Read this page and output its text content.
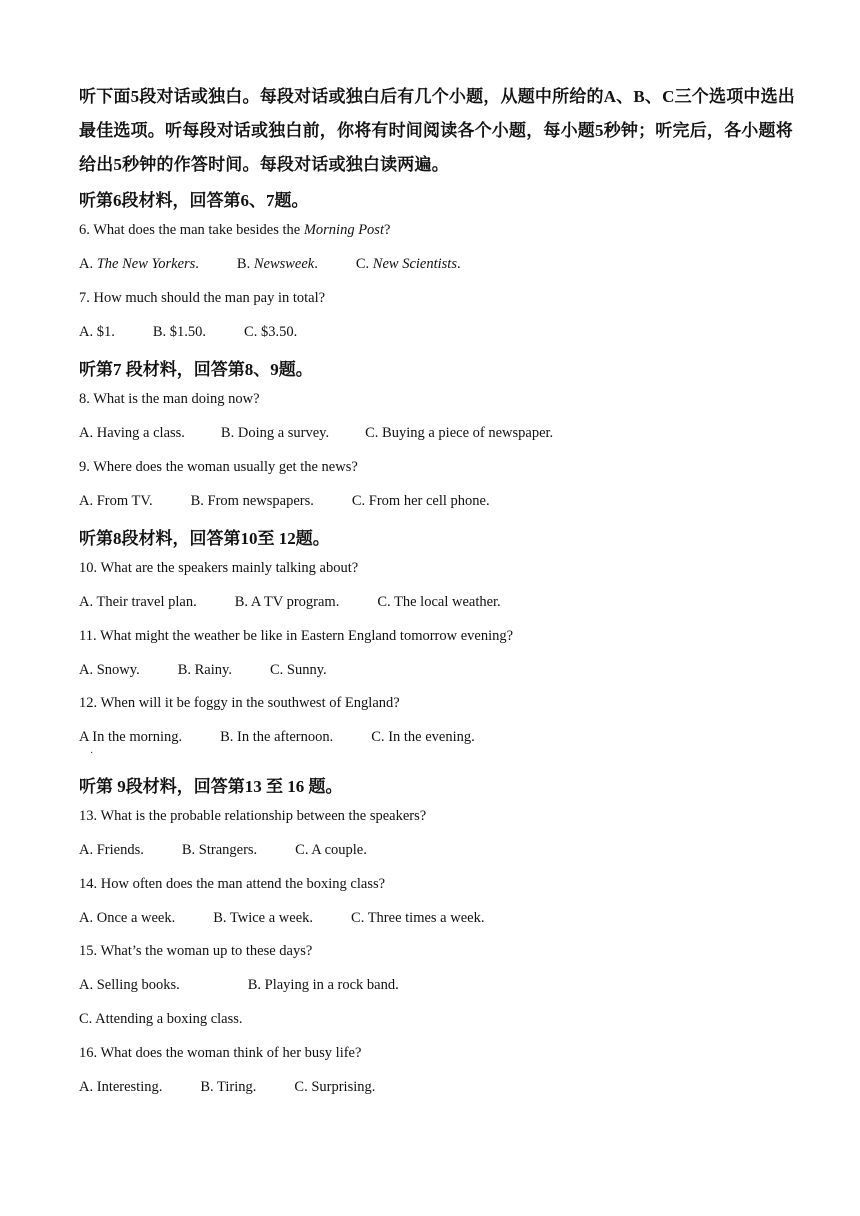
听下面5段对话或独白。每段对话或独白后有几个小题，从题中所给的A、B、C三个选项中选出最佳选项。听每段对话或独白前，你将有时间阅读各个小题，每小题5秒钟；听完后，各小题将给出5秒钟的作答时间。每段对话或独白读两遍。
听第6段材料，回答第6、7题。
6. What does the man take besides the Morning Post?
A. The New Yorkers.	B. Newsweek.	C. New Scientists.
7. How much should the man pay in total?
A. $1.	B. $1.50.	C. $3.50.
听第7 段材料，回答第8、9题。
8. What is the man doing now?
A. Having a class. B. Doing a survey. C. Buying a piece of newspaper.
9. Where does the woman usually get the news?
A. From TV.	B. From newspapers.	C. From her cell phone.
听第8段材料，回答第10至 12题。
10. What are the speakers mainly talking about?
A. Their travel plan.	B. A TV program.	C. The local weather.
11. What might the weather be like in Eastern England tomorrow evening?
A. Snowy.	B. Rainy.	C. Sunny.
12. When will it be foggy in the southwest of England?
A In the morning.	B. In the afternoon.	C. In the evening.
听第 9段材料，回答第13 至 16 题。
13. What is the probable relationship between the speakers?
A. Friends.	B. Strangers.	C. A couple.
14. How often does the man attend the boxing class?
A. Once a week.	B. Twice a week.	C. Three times a week.
15. What’s the woman up to these days?
A. Selling books.	B. Playing in a rock band.
C. Attending a boxing class.
16. What does the woman think of her busy life?
A. Interesting.	B. Tiring.	C. Surprising.
·
